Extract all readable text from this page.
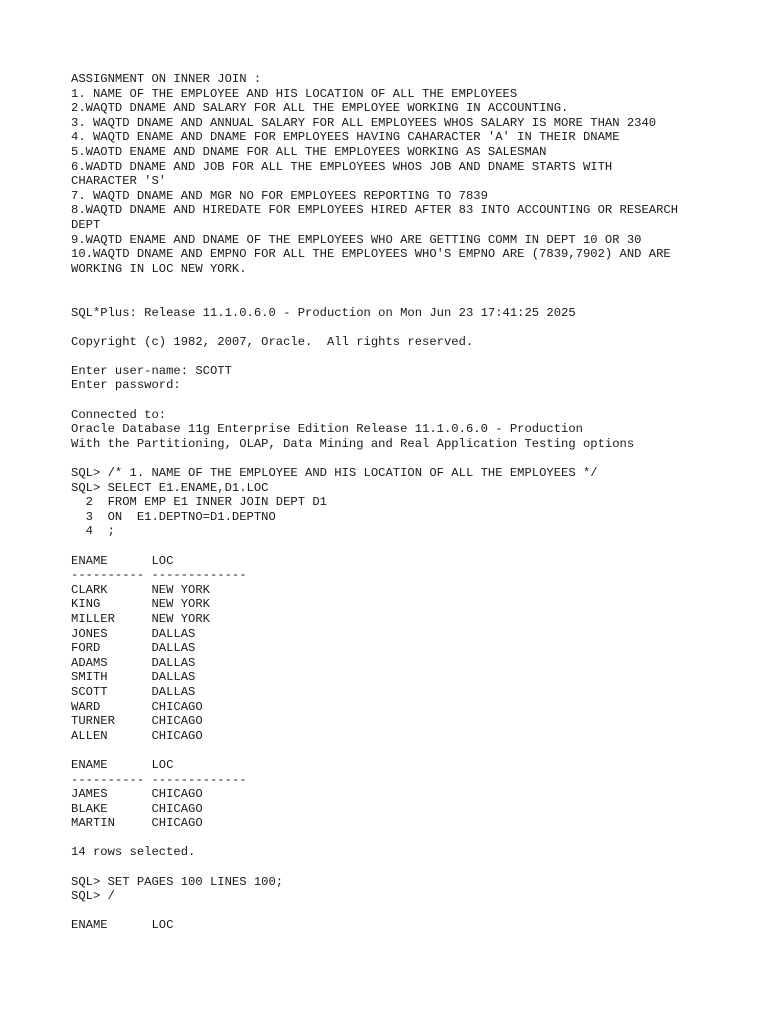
ASSIGNMENT ON INNER JOIN :
1. NAME OF THE EMPLOYEE AND HIS LOCATION OF ALL THE EMPLOYEES
2.WAQTD DNAME AND SALARY FOR ALL THE EMPLOYEE WORKING IN ACCOUNTING.
3. WAQTD DNAME AND ANNUAL SALARY FOR ALL EMPLOYEES WHOS SALARY IS MORE THAN 2340
4. WAQTD ENAME AND DNAME FOR EMPLOYEES HAVING CAHARACTER 'A' IN THEIR DNAME
5.WAOTD ENAME AND DNAME FOR ALL THE EMPLOYEES WORKING AS SALESMAN
6.WADTD DNAME AND JOB FOR ALL THE EMPLOYEES WHOS JOB AND DNAME STARTS WITH
CHARACTER 'S'
7. WAQTD DNAME AND MGR NO FOR EMPLOYEES REPORTING TO 7839
8.WAQTD DNAME AND HIREDATE FOR EMPLOYEES HIRED AFTER 83 INTO ACCOUNTING OR RESEARCH
DEPT
9.WAQTD ENAME AND DNAME OF THE EMPLOYEES WHO ARE GETTING COMM IN DEPT 10 OR 30
10.WAQTD DNAME AND EMPNO FOR ALL THE EMPLOYEES WHO'S EMPNO ARE (7839,7902) AND ARE
WORKING IN LOC NEW YORK.
SQL*Plus: Release 11.1.0.6.0 - Production on Mon Jun 23 17:41:25 2025
Copyright (c) 1982, 2007, Oracle.  All rights reserved.
Enter user-name: SCOTT
Enter password:
Connected to:
Oracle Database 11g Enterprise Edition Release 11.1.0.6.0 - Production
With the Partitioning, OLAP, Data Mining and Real Application Testing options
SQL> /* 1. NAME OF THE EMPLOYEE AND HIS LOCATION OF ALL THE EMPLOYEES */
SQL> SELECT E1.ENAME,D1.LOC
2  FROM EMP E1 INNER JOIN DEPT D1
3  ON  E1.DEPTNO=D1.DEPTNO
4  ;
ENAME      LOC
---------- -------------
CLARK      NEW YORK
KING       NEW YORK
MILLER     NEW YORK
JONES      DALLAS
FORD       DALLAS
ADAMS      DALLAS
SMITH      DALLAS
SCOTT      DALLAS
WARD       CHICAGO
TURNER     CHICAGO
ALLEN      CHICAGO
ENAME      LOC
---------- -------------
JAMES      CHICAGO
BLAKE      CHICAGO
MARTIN     CHICAGO
14 rows selected.
SQL> SET PAGES 100 LINES 100;
SQL> /
ENAME      LOC
